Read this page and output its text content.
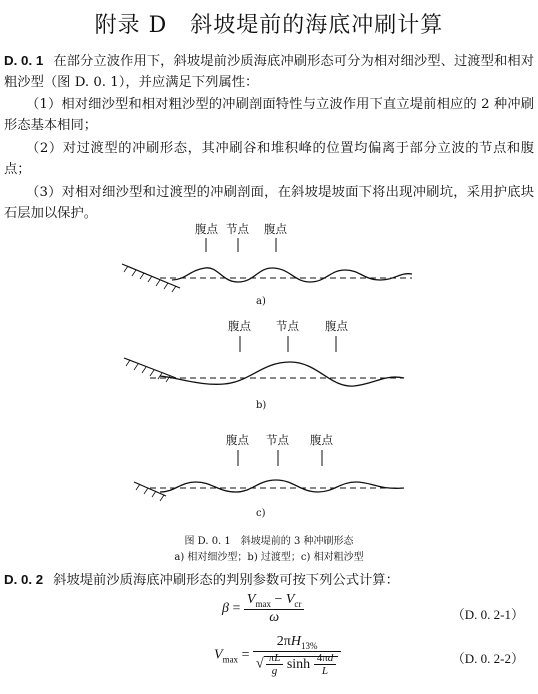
附录 D　斜坡堤前的海底冲刷计算

D. 0. 1 在部分立波作用下，斜坡堤前沙质海底冲刷形态可分为相对细沙型、过渡型和相对粗沙型（图 D. 0. 1），并应满足下列属性：

（1）相对细沙型和相对粗沙型的冲刷剖面特性与立波作用下直立堤前相应的 2 种冲刷形态基本相同；

（2）对过渡型的冲刷形态，其冲刷谷和堆积峰的位置均偏离于部分立波的节点和腹点；

（3）对相对细沙型和过渡型的冲刷剖面，在斜坡堤坡面下将出现冲刷坑，采用护底块石层加以保护。

腹点 节点 腹点
a)
腹点 节点 腹点
b)
腹点 节点 腹点
c)
图 D. 0. 1　斜坡堤前的 3 种冲刷形态
a) 相对细沙型；b) 过渡型；c) 相对粗沙型

D. 0. 2 斜坡堤前沙质海底冲刷形态的判别参数可按下列公式计算：

$\beta = \frac{V_{max} - V_{cr}}{\omega}$	（D. 0. 2-1）
$V_{max} = \frac{2\pi H_{13\%}}{√ \frac{\pi L}{g} \sinh \frac{4\pi d}{L}}$	（D. 0. 2-2）
